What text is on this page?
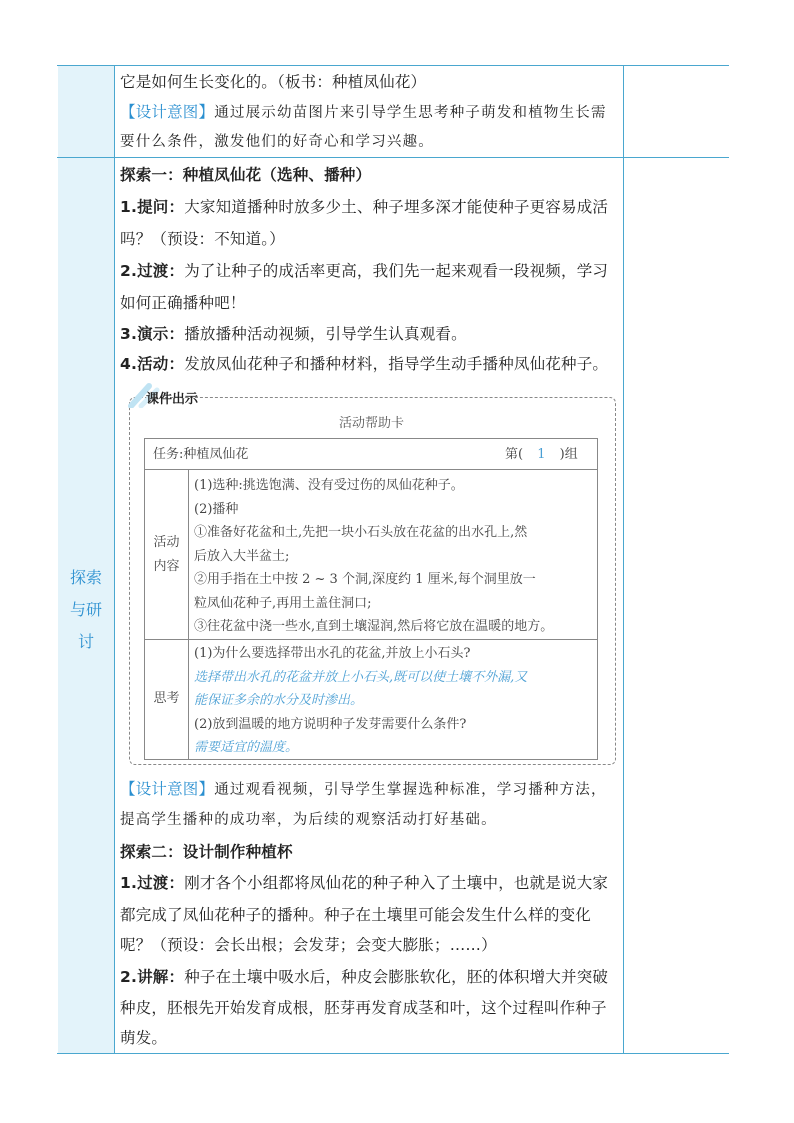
探索
与研
讨
它是如何生长变化的。（板书：种植凤仙花）
【设计意图】通过展示幼苗图片来引导学生思考种子萌发和植物生长需
要什么条件，激发他们的好奇心和学习兴趣。
探索一：种植凤仙花（选种、播种）
1.提问：大家知道播种时放多少土、种子埋多深才能使种子更容易成活
吗？（预设：不知道。）
2.过渡：为了让种子的成活率更高，我们先一起来观看一段视频，学习
如何正确播种吧！
3.演示：播放播种活动视频，引导学生认真观看。
4.活动：发放凤仙花种子和播种材料，指导学生动手播种凤仙花种子。
课件出示
活动帮助卡
任务:种植凤仙花	第( 1 )组
活动
内容
(1)选种:挑选饱满、没有受过伤的凤仙花种子。
(2)播种
①准备好花盆和土,先把一块小石头放在花盆的出水孔上,然
后放入大半盆土;
②用手指在土中按 2 ~ 3 个洞,深度约 1 厘米,每个洞里放一
粒凤仙花种子,再用土盖住洞口;
③往花盆中浇一些水,直到土壤湿润,然后将它放在温暖的地方。
思考
(1)为什么要选择带出水孔的花盆,并放上小石头?
选择带出水孔的花盆并放上小石头,既可以使土壤不外漏,又
能保证多余的水分及时渗出。
(2)放到温暖的地方说明种子发芽需要什么条件?
需要适宜的温度。
【设计意图】通过观看视频，引导学生掌握选种标准，学习播种方法，
提高学生播种的成功率，为后续的观察活动打好基础。
探索二：设计制作种植杯
1.过渡：刚才各个小组都将凤仙花的种子种入了土壤中，也就是说大家
都完成了凤仙花种子的播种。种子在土壤里可能会发生什么样的变化
呢？（预设：会长出根；会发芽；会变大膨胀；……）
2.讲解：种子在土壤中吸水后，种皮会膨胀软化，胚的体积增大并突破
种皮，胚根先开始发育成根，胚芽再发育成茎和叶，这个过程叫作种子
萌发。
